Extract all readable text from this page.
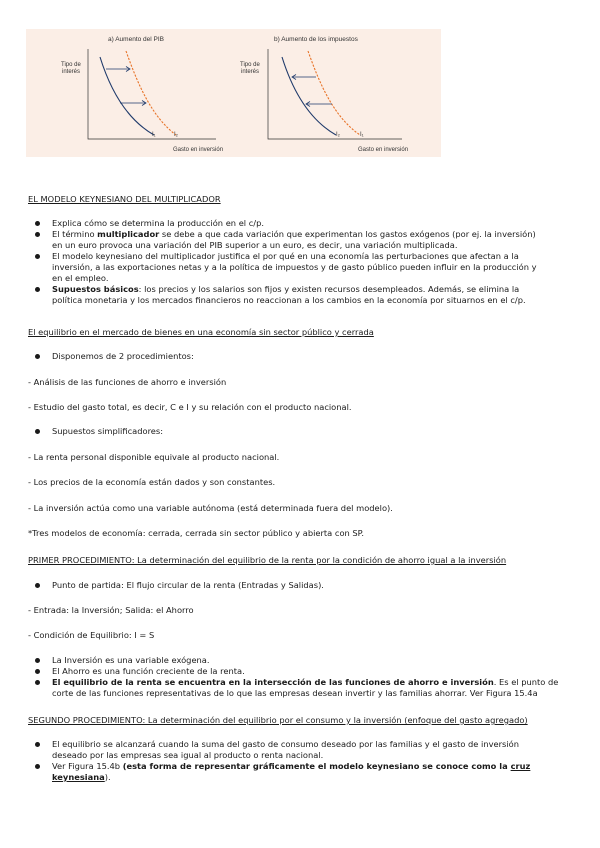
a) Aumento del PIB
Tipo de
interés
I₁	I₂
Gasto en inversión
b) Aumento de los impuestos
Tipo de
interés
I₂	I₁
Gasto en inversión
EL MODELO KEYNESIANO DEL MULTIPLICADOR
Explica cómo se determina la producción en el c/p.
El término multiplicador se debe a que cada variación que experimentan los gastos exógenos (por ej. la inversión)
en un euro provoca una variación del PIB superior a un euro, es decir, una variación multiplicada.
El modelo keynesiano del multiplicador justifica el por qué en una economía las perturbaciones que afectan a la
inversión, a las exportaciones netas y a la política de impuestos y de gasto público pueden influir en la producción y
en el empleo.
Supuestos básicos: los precios y los salarios son fijos y existen recursos desempleados. Además, se elimina la
política monetaria y los mercados financieros no reaccionan a los cambios en la economía por situarnos en el c/p.
El equilibrio en el mercado de bienes en una economía sin sector público y cerrada
Disponemos de 2 procedimientos:
- Análisis de las funciones de ahorro e inversión
- Estudio del gasto total, es decir, C e I y su relación con el producto nacional.
Supuestos simplificadores:
- La renta personal disponible equivale al producto nacional.
- Los precios de la economía están dados y son constantes.
- La inversión actúa como una variable autónoma (está determinada fuera del modelo).
*Tres modelos de economía: cerrada, cerrada sin sector público y abierta con SP.
PRIMER PROCEDIMIENTO: La determinación del equilibrio de la renta por la condición de ahorro igual a la inversión
Punto de partida: El flujo circular de la renta (Entradas y Salidas).
- Entrada: la Inversión; Salida: el Ahorro
- Condición de Equilibrio: I = S
La Inversión es una variable exógena.
El Ahorro es una función creciente de la renta.
El equilibrio de la renta se encuentra en la intersección de las funciones de ahorro e inversión. Es el punto de
corte de las funciones representativas de lo que las empresas desean invertir y las familias ahorrar. Ver Figura 15.4a
SEGUNDO PROCEDIMIENTO: La determinación del equilibrio por el consumo y la inversión (enfoque del gasto agregado)
El equilibrio se alcanzará cuando la suma del gasto de consumo deseado por las familias y el gasto de inversión
deseado por las empresas sea igual al producto o renta nacional.
Ver Figura 15.4b (esta forma de representar gráficamente el modelo keynesiano se conoce como la cruz
keynesiana).
